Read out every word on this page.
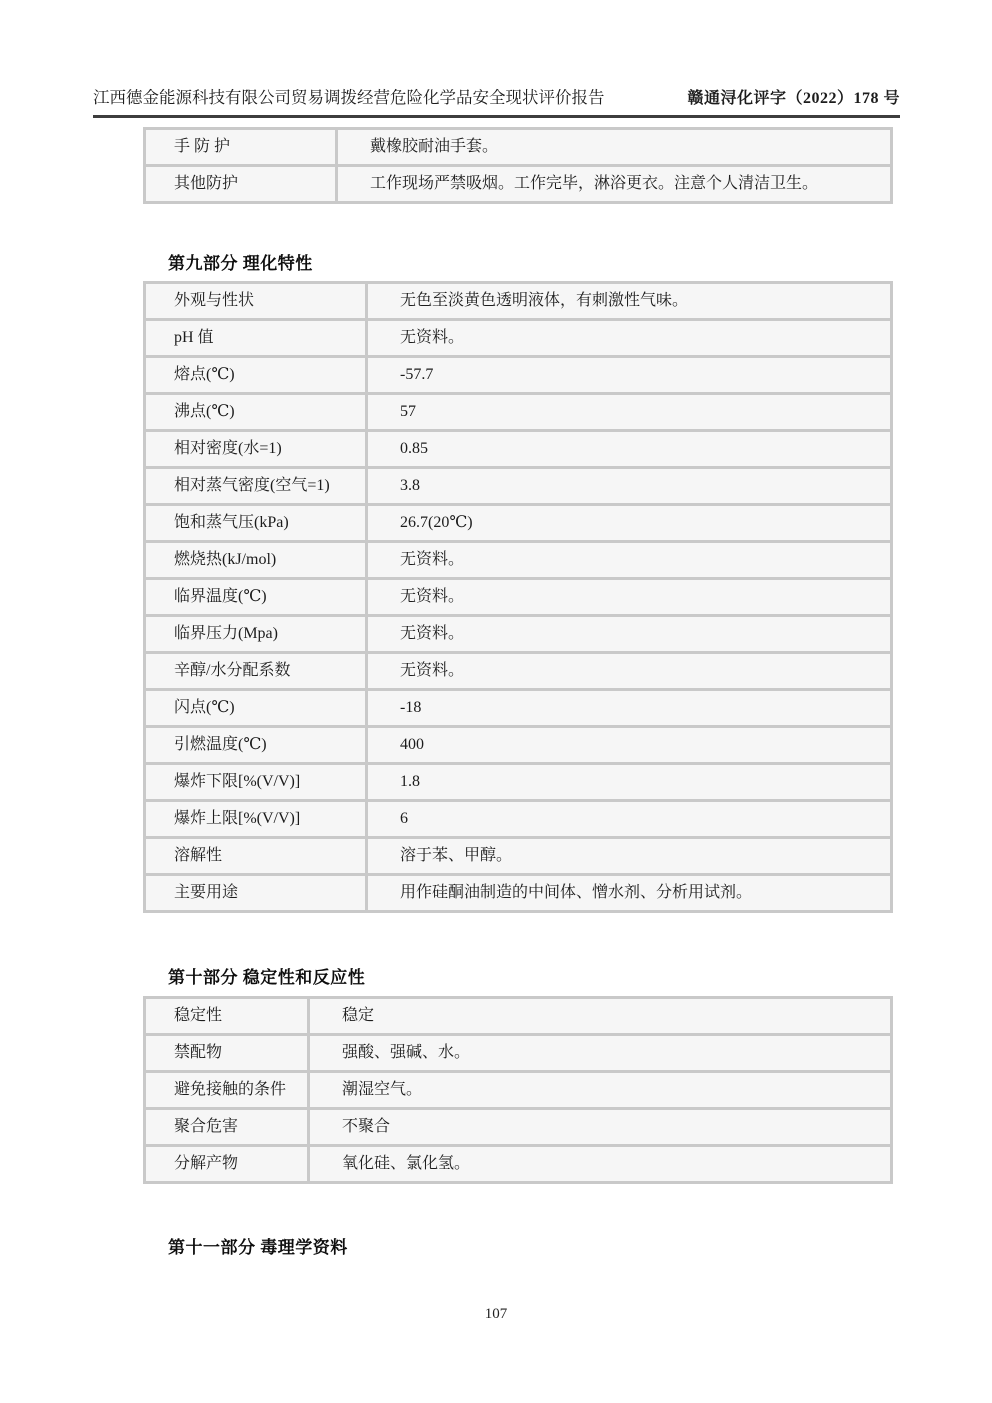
江西德金能源科技有限公司贸易调拨经营危险化学品安全现状评价报告	赣通浔化评字（2022）178 号
手 防 护	戴橡胶耐油手套。
其他防护	工作现场严禁吸烟。工作完毕，淋浴更衣。注意个人清洁卫生。
第九部分 理化特性
外观与性状	无色至淡黄色透明液体，有刺激性气味。
pH 值	无资料。
熔点(℃)	-57.7
沸点(℃)	57
相对密度(水=1)	0.85
相对蒸气密度(空气=1)	3.8
饱和蒸气压(kPa)	26.7(20℃)
燃烧热(kJ/mol)	无资料。
临界温度(℃)	无资料。
临界压力(Mpa)	无资料。
辛醇/水分配系数	无资料。
闪点(℃)	-18
引燃温度(℃)	400
爆炸下限[%(V/V)]	1.8
爆炸上限[%(V/V)]	6
溶解性	溶于苯、甲醇。
主要用途	用作硅酮油制造的中间体、憎水剂、分析用试剂。
第十部分 稳定性和反应性
稳定性	稳定
禁配物	强酸、强碱、水。
避免接触的条件	潮湿空气。
聚合危害	不聚合
分解产物	氧化硅、氯化氢。
第十一部分 毒理学资料
107
